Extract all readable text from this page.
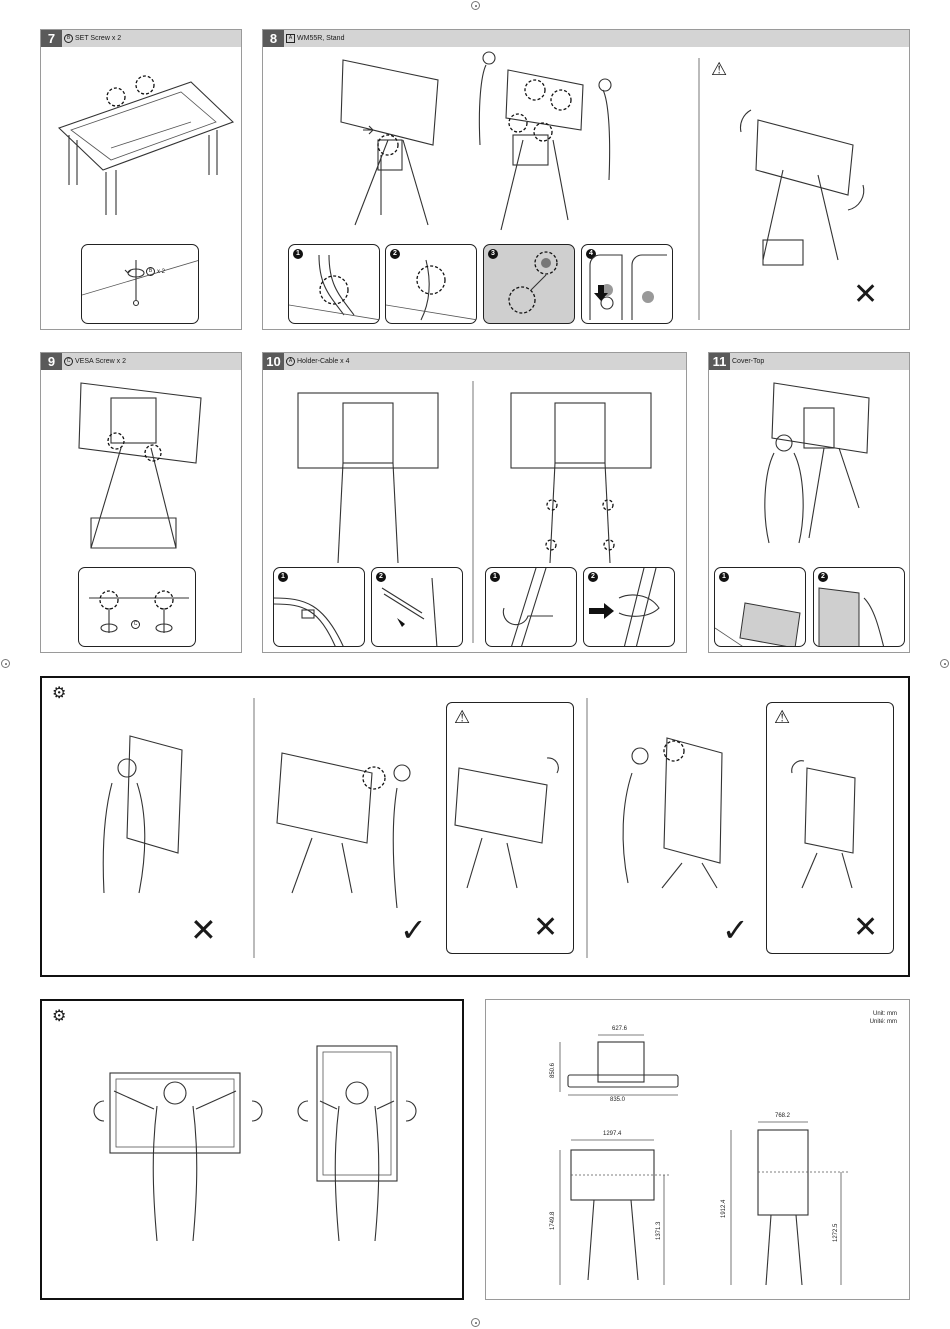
7	B SET Screw x 2
B x 2
8	A WM55R, Stand
⚠
✕
1	2	3	4
9	C VESA Screw x 2
C
10	A Holder-Cable x 4
1	2	1	2
11 Cover-Top
1	2
⚙
✕	✓
⚠
✕	✓
⚠
✕
⚙	Unit: mm
Unité: mm
627.6
850.6
835.0
1297.4
1749.8
1371.3
768.2
1912.4
1272.5
